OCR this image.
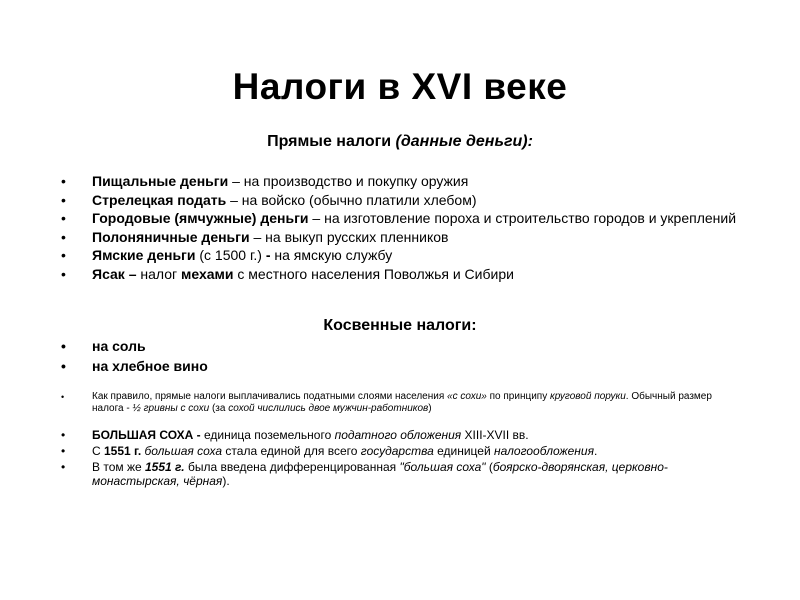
Налоги в XVI веке
Прямые налоги (данные деньги):
• Пищальные деньги – на производство и покупку оружия
• Стрелецкая подать – на войско (обычно платили хлебом)
• Городовые (ямчужные) деньги – на изготовление пороха и строительство городов и укреплений
• Полоняничные деньги – на выкуп русских пленников
• Ямские деньги (с 1500 г.) - на ямскую службу
• Ясак – налог мехами с местного населения Поволжья и Сибири
Косвенные налоги:
• на соль
• на хлебное вино
• Как правило, прямые налоги выплачивались податными слоями населения «с сохи» по принципу круговой поруки. Обычный размер налога - ½ гривны с сохи (за сохой числились двое мужчин-работников)
• БОЛЬШАЯ СОХА - единица поземельного податного обложения XIII-XVII вв.
• С 1551 г. большая соха стала единой для всего государства единицей налогообложения.
• В том же 1551 г. была введена дифференцированная "большая соха" (боярско-дворянская, церковно-монастырская, чёрная).
